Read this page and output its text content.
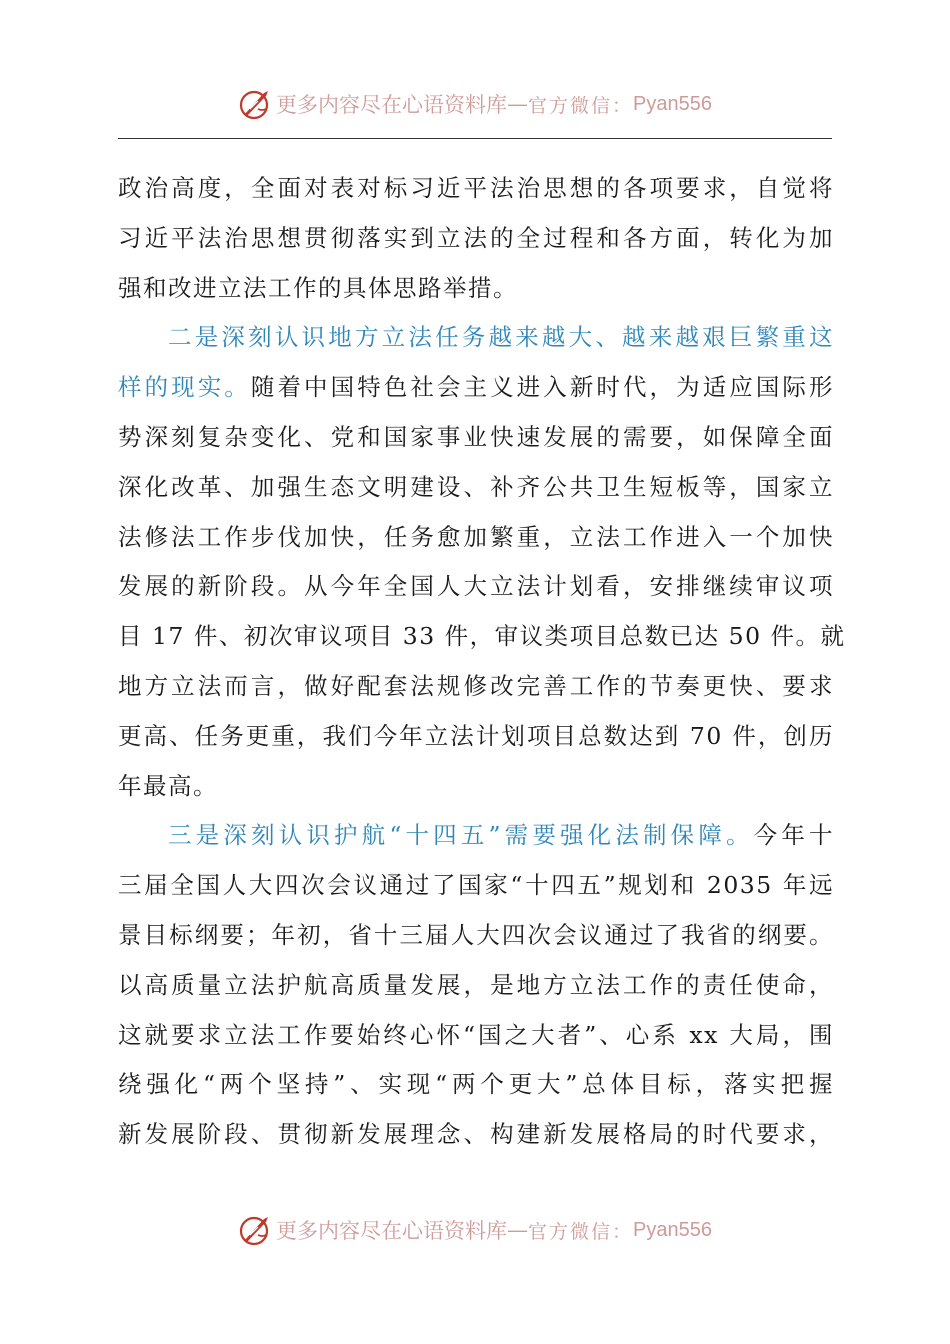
更多内容尽在心语资料库 — 官方微信： Pyan556
政治高度，全面对表对标习近平法治思想的各项要求，自觉将
习近平法治思想贯彻落实到立法的全过程和各方面，转化为加
强和改进立法工作的具体思路举措。
二是深刻认识地方立法任务越来越大、越来越艰巨繁重这
样的现实。随着中国特色社会主义进入新时代，为适应国际形
势深刻复杂变化、党和国家事业快速发展的需要，如保障全面
深化改革、加强生态文明建设、补齐公共卫生短板等，国家立
法修法工作步伐加快，任务愈加繁重，立法工作进入一个加快
发展的新阶段。从今年全国人大立法计划看，安排继续审议项
目 17 件、初次审议项目 33 件，审议类项目总数已达 50 件。就
地方立法而言，做好配套法规修改完善工作的节奏更快、要求
更高、任务更重，我们今年立法计划项目总数达到 70 件，创历
年最高。
三是深刻认识护航“十四五”需要强化法制保障。今年十
三届全国人大四次会议通过了国家“十四五”规划和 2035 年远
景目标纲要；年初，省十三届人大四次会议通过了我省的纲要。
以高质量立法护航高质量发展，是地方立法工作的责任使命，
这就要求立法工作要始终心怀“国之大者”、心系 xx 大局，围
绕强化“两个坚持”、实现“两个更大”总体目标，落实把握
新发展阶段、贯彻新发展理念、构建新发展格局的时代要求，
更多内容尽在心语资料库 — 官方微信： Pyan556
